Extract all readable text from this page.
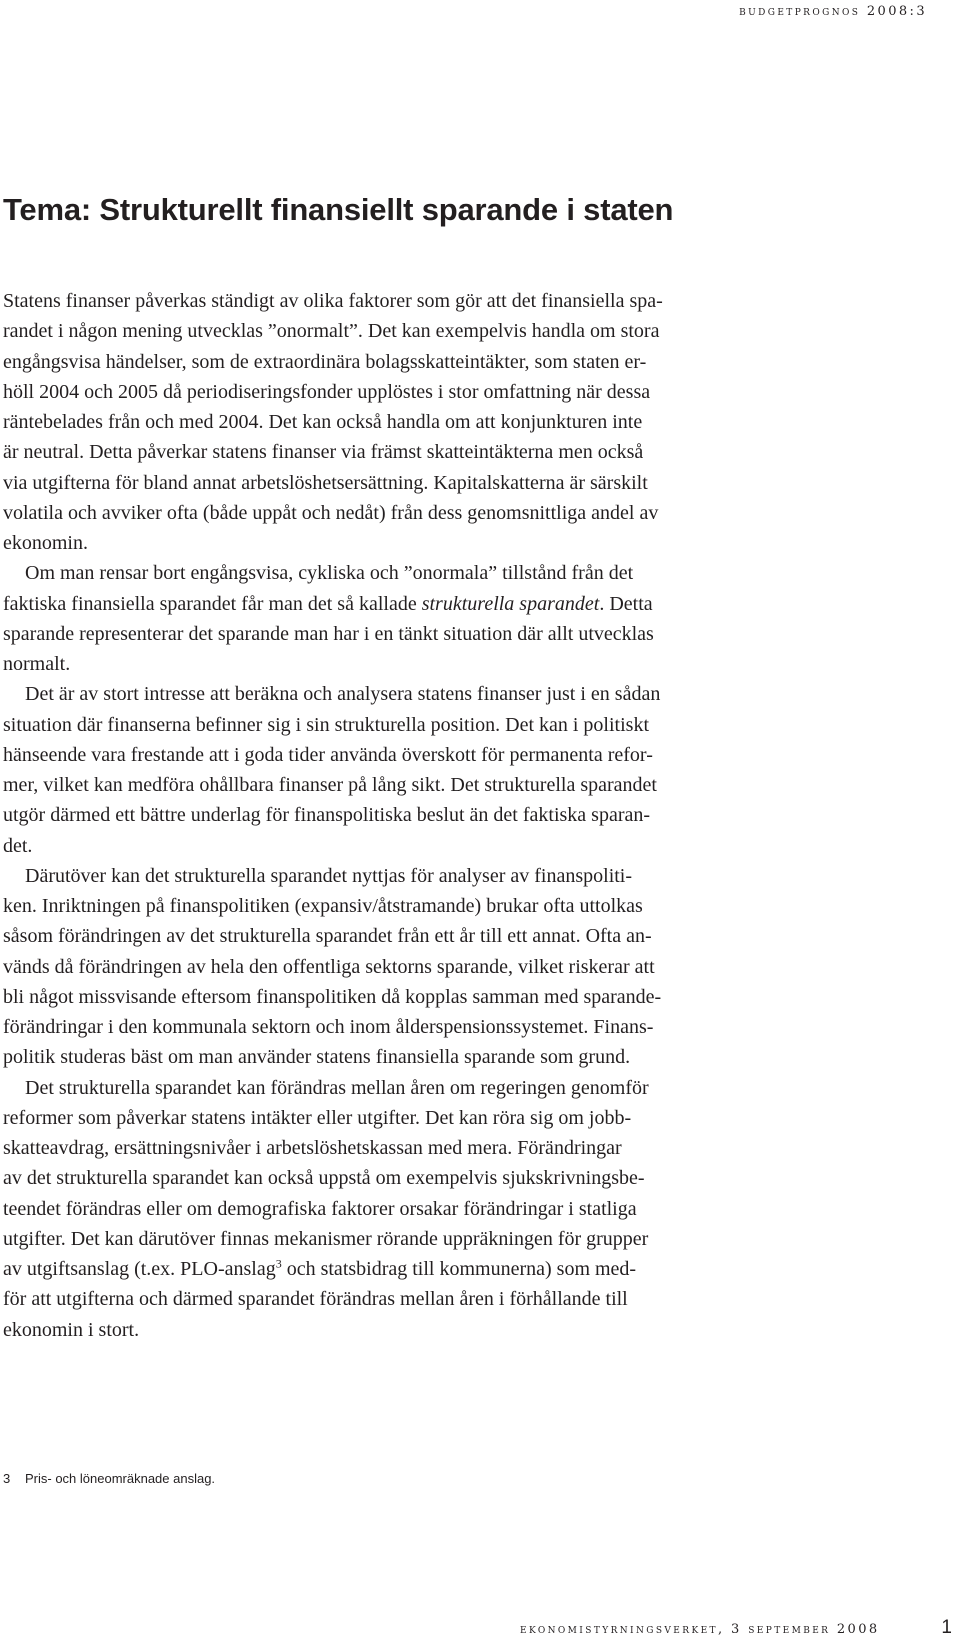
budgetprognos 2008:3
Tema: Strukturellt finansiellt sparande i staten

Statens finanser påverkas ständigt av olika faktorer som gör att det finansiella spa-
randet i någon mening utvecklas ”onormalt”. Det kan exempelvis handla om stora
engångsvisa händelser, som de extraordinära bolagsskatteintäkter, som staten er-
höll 2004 och 2005 då periodiseringsfonder upplöstes i stor omfattning när dessa
räntebelades från och med 2004. Det kan också handla om att konjunkturen inte
är neutral. Detta påverkar statens finanser via främst skatteintäkterna men också
via utgifterna för bland annat arbetslöshetsersättning. Kapitalskatterna är särskilt
volatila och avviker ofta (både uppåt och nedåt) från dess genomsnittliga andel av
ekonomin.

Om man rensar bort engångsvisa, cykliska och ”onormala” tillstånd från det
faktiska finansiella sparandet får man det så kallade strukturella sparandet. Detta
sparande representerar det sparande man har i en tänkt situation där allt utvecklas
normalt.

Det är av stort intresse att beräkna och analysera statens finanser just i en sådan
situation där finanserna befinner sig i sin strukturella position. Det kan i politiskt
hänseende vara frestande att i goda tider använda överskott för permanenta refor-
mer, vilket kan medföra ohållbara finanser på lång sikt. Det strukturella sparandet
utgör därmed ett bättre underlag för finanspolitiska beslut än det faktiska sparan-
det.

Därutöver kan det strukturella sparandet nyttjas för analyser av finanspoliti-
ken. Inriktningen på finanspolitiken (expansiv/åtstramande) brukar ofta uttolkas
såsom förändringen av det strukturella sparandet från ett år till ett annat. Ofta an-
vänds då förändringen av hela den offentliga sektorns sparande, vilket riskerar att
bli något missvisande eftersom finanspolitiken då kopplas samman med sparande-
förändringar i den kommunala sektorn och inom ålderspensionssystemet. Finans-
politik studeras bäst om man använder statens finansiella sparande som grund.

Det strukturella sparandet kan förändras mellan åren om regeringen genomför
reformer som påverkar statens intäkter eller utgifter. Det kan röra sig om jobb-
skatteavdrag, ersättningsnivåer i arbetslöshetskassan med mera. Förändringar
av det strukturella sparandet kan också uppstå om exempelvis sjukskrivningsbe-
teendet förändras eller om demografiska faktorer orsakar förändringar i statliga
utgifter. Det kan därutöver finnas mekanismer rörande uppräkningen för grupper
av utgiftsanslag (t.ex. PLO-anslag$^3$ och statsbidrag till kommunerna) som med-
för att utgifterna och därmed sparandet förändras mellan åren i förhållande till
ekonomin i stort.

3 Pris- och löneomräknade anslag.
ekonomistyrningsverket, 3 september 2008	1
